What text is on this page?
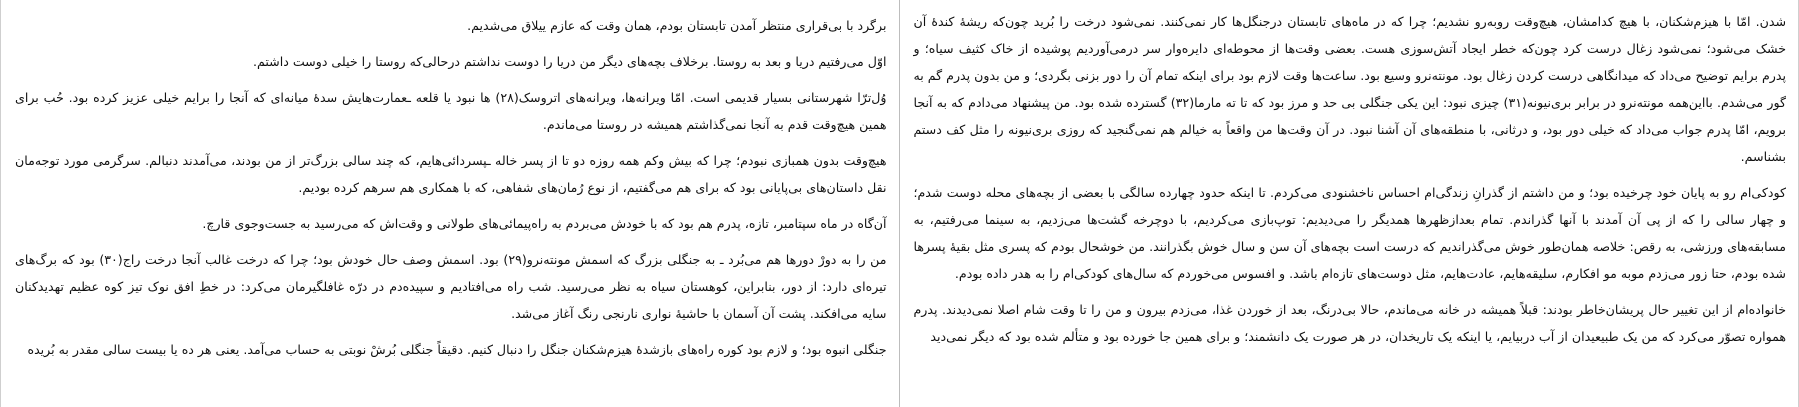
شدن. امّا با هیزم‌شکنان، با هیچ کدامشان، هیچ‌وقت روبه‌رو نشدیم؛ چرا که در ماه‌های تابستان درجنگل‌ها کار نمی‌کنند. نمی‌شود درخت را بُرید چون‌که ریشهٔ کندهٔ آن خشک می‌شود؛ نمی‌شود زغال درست کرد چون‌که خطر ایجاد آتش‌سوزی هست. بعضی وقت‌ها از محوطه‌ای دایره‌وار سر درمی‌آوردیم پوشیده از خاک کثیف سیاه؛ و پدرم برایم توضیح می‌داد که میدانگاهی درست کردن زغال بود. مونته‌نرو وسیع بود. ساعت‌ها وقت لازم بود برای اینکه تمام آن را دور بزنی بگردی؛ و من بدون پدرم گم به گور می‌شدم. بااین‌همه مونته‌نرو در برابر بری‌نیونه(۳۱) چیزی نبود: این یکی جنگلی بی حد و مرز بود که تا ته مارما(۳۲) گسترده شده بود. من پیشنهاد می‌دادم که به آنجا برویم، امّا پدرم جواب می‌داد که خیلی دور بود، و درثانی، با منطقه‌های آن آشنا نبود. در آن وقت‌ها من واقعاً به خیالم هم نمی‌گنجید که روزی بری‌نیونه را مثل کف دستم بشناسم.

کودکی‌ام رو به پایان خود چرخیده بود؛ و من داشتم از گذرانِ زندگی‌ام احساس ناخشنودی می‌کردم. تا اینکه حدود چهارده سالگی با بعضی از بچه‌های محله دوست شدم؛ و چهار سالی را که از پی آن آمدند با آنها گذراندم. تمام بعدازظهرها همدیگر را می‌دیدیم: توپ‌بازی می‌کردیم، با دوچرخه گشت‌ها می‌زدیم، به سینما می‌رفتیم، به مسابقه‌های ورزشی، به رقص: خلاصه همان‌طور خوش می‌گذراندیم که درست است بچه‌های آن سن و سال خوش بگذرانند. من خوشحال بودم که پسری مثل بقیهٔ پسرها شده بودم، حتا زور می‌زدم موبه مو افکارم، سلیقه‌هایم، عادت‌هایم، مثل دوست‌های تازه‌ام باشد. و افسوس می‌خوردم که سال‌های کودکی‌ام را به هدر داده بودم.

خانواده‌ام از این تغییر حال پریشان‌خاطر بودند: قبلاً همیشه در خانه می‌ماندم، حالا بی‌درنگ، بعد از خوردن غذا، می‌زدم بیرون و من را تا وقت شام اصلا نمی‌دیدند. پدرم همواره تصوّر می‌کرد که من یک طبیعیدان از آب دربیایم، یا اینکه یک تاریخدان، در هر صورت یک دانشمند؛ و برای همین جا خورده بود و متألم شده بود که دیگر نمی‌دید

برگرد با بی‌قراری منتظر آمدن تابستان بودم، همان وقت که عازم ییلاق می‌شدیم.

اوّل می‌رفتیم دریا و بعد به روستا. برخلاف بچه‌های دیگر من دریا را دوست نداشتم درحالی‌که روستا را خیلی دوست داشتم.

وُل‌ترّا شهرستانی بسیار قدیمی است. امّا ویرانه‌ها، ویرانه‌های اتروسک(۲۸) ها نبود یا قلعه ـعمارت‌هایش سدهٔ میانه‌ای که آنجا را برایم خیلی عزیز کرده بود. حُب برای همین هیچ‌وقت قدم به آنجا نمی‌گذاشتم همیشه در روستا می‌ماندم.

هیچ‌وقت بدون همبازی نبودم؛ چرا که بیش وکم همه روزه دو تا از پسر خاله ـپسردائی‌هایم، که چند سالی بزرگ‌تر از من بودند، می‌آمدند دنبالم. سرگرمی مورد توجه‌مان نقل داستان‌های بی‌پایانی بود که برای هم می‌گفتیم، از نوع رُمان‌های شفاهی، که با همکاری هم سرهم کرده بودیم.

آن‌گاه در ماه سپتامبر، تازه، پدرم هم بود که با خودش می‌بردم به راه‌پیمائی‌های طولانی و وقت‌اش که می‌رسید به جست‌وجوی قارچ.

من را به دورْ دورها هم می‌بُرد ـ به جنگلی بزرگ که اسمش مونته‌نرو(۲۹) بود. اسمش وصف حال خودش بود؛ چرا که درخت غالب آنجا درخت راج(۳۰) بود که برگ‌های تیره‌ای دارد: از دور، بنابراین، کوهستان سیاه به نظر می‌رسید. شب راه می‌افتادیم و سپیده‌دم در درّه غافلگیرمان می‌کرد: در خطِ افق نوک تیز کوه عظیم تهدیدکنان سایه می‌افکند. پشت آن آسمان با حاشیهٔ نواری نارنجی رنگ آغاز می‌شد.

جنگلی انبوه بود؛ و لازم بود کوره راه‌های بازشدهٔ هیزم‌شکنان جنگل را دنبال کنیم. دقیقاً جنگلی بُرشْ نوبتی به حساب می‌آمد. یعنی هر ده یا بیست سالی مقدر به بُریده
